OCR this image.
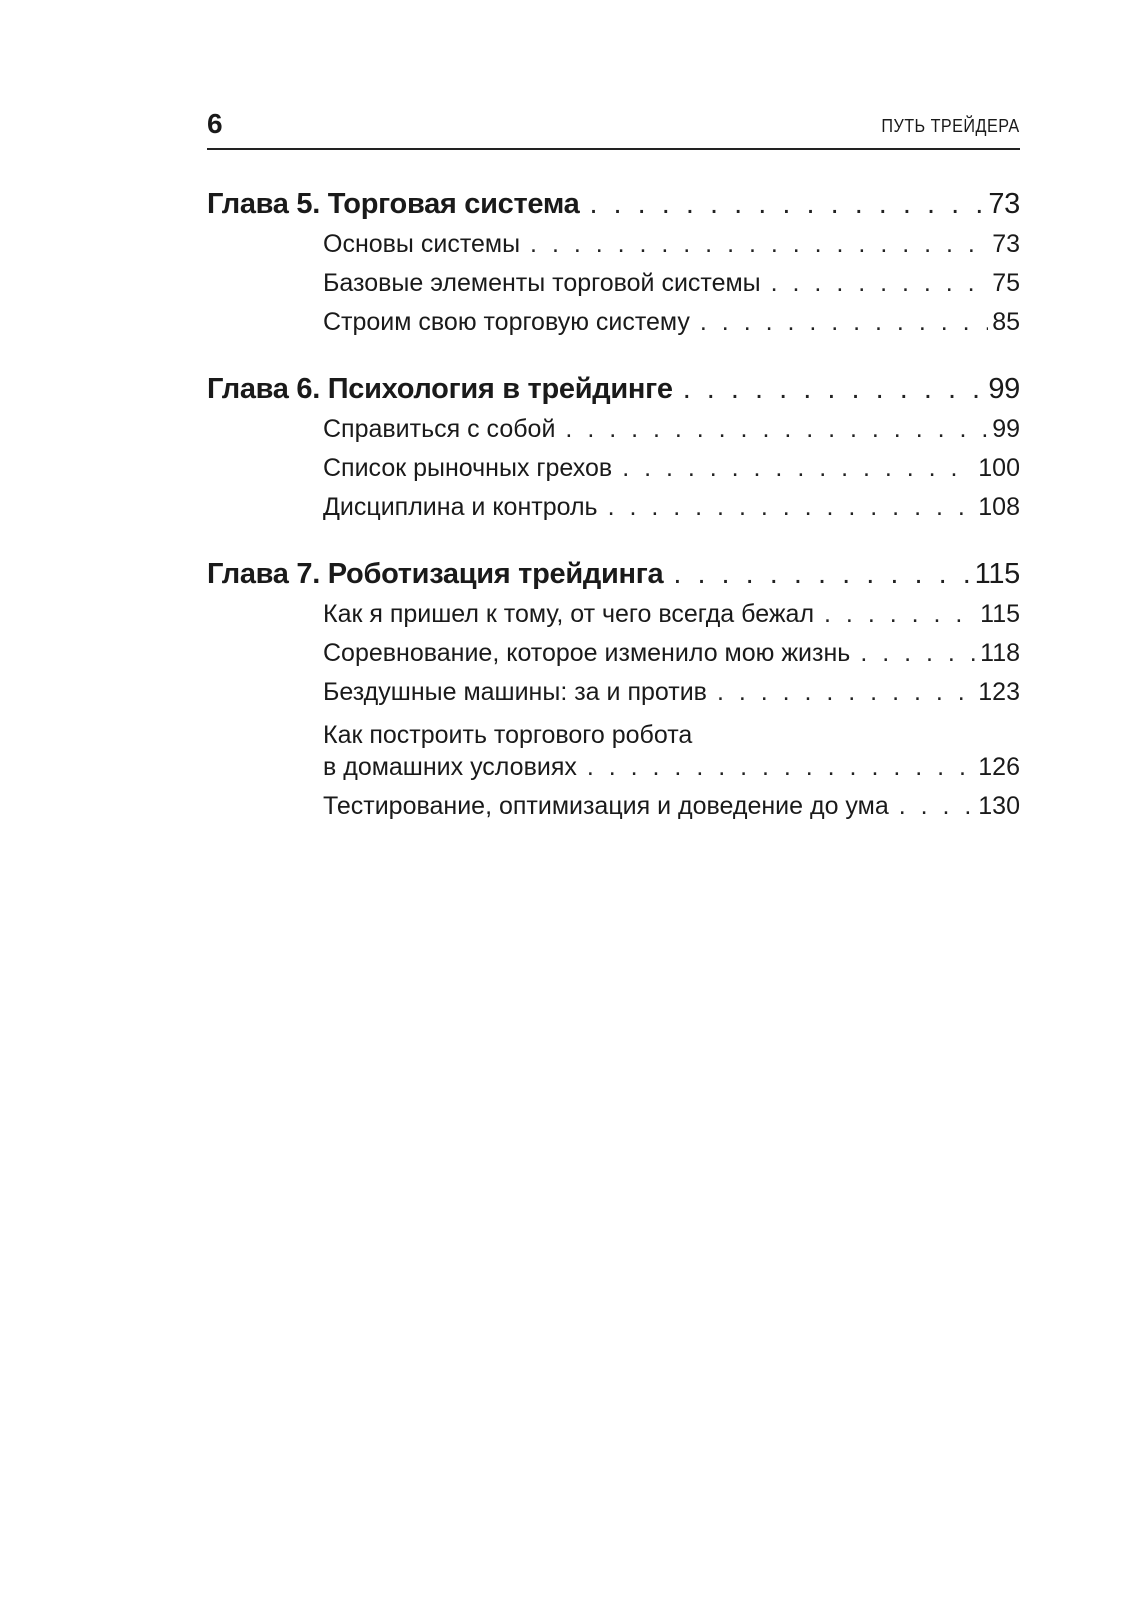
6	ПУТЬ ТРЕЙДЕРА
Глава 5. Торговая система . . .	73
Основы системы . . .	73
Базовые элементы торговой системы . . .	75
Строим свою торговую систему . . .	85
Глава 6. Психология в трейдинге . . .	99
Справиться с собой . . .	99
Список рыночных грехов . . .	100
Дисциплина и контроль . . .	108
Глава 7. Роботизация трейдинга . . .	115
Как я пришел к тому, от чего всегда бежал . . .	115
Соревнование, которое изменило мою жизнь . . .	118
Бездушные машины: за и против . . .	123
Как построить торгового робота
в домашних условиях . . .	126
Тестирование, оптимизация и доведение до ума . . .	130
